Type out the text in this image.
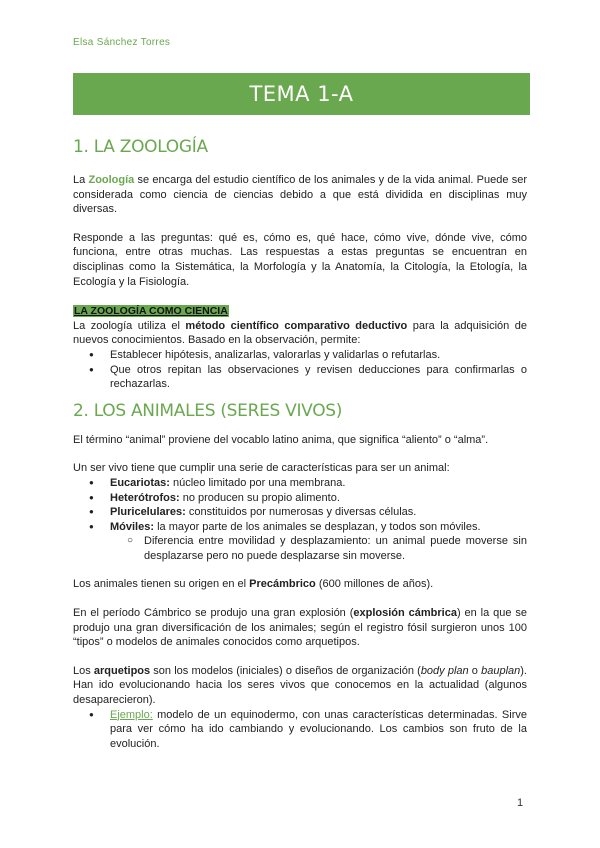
Elsa Sánchez Torres
TEMA 1-A
1. LA ZOOLOGÍA

La Zoología se encarga del estudio científico de los animales y de la vida animal. Puede ser considerada como ciencia de ciencias debido a que está dividida en disciplinas muy diversas.

Responde a las preguntas: qué es, cómo es, qué hace, cómo vive, dónde vive, cómo funciona, entre otras muchas. Las respuestas a estas preguntas se encuentran en disciplinas como la Sistemática, la Morfología y la Anatomía, la Citología, la Etología, la Ecología y la Fisiología.

LA ZOOLOGÍA COMO CIENCIA

La zoología utiliza el método científico comparativo deductivo para la adquisición de nuevos conocimientos. Basado en la observación, permite:

● Establecer hipótesis, analizarlas, valorarlas y validarlas o refutarlas.
● Que otros repitan las observaciones y revisen deducciones para confirmarlas o rechazarlas.
2. LOS ANIMALES (SERES VIVOS)

El término “animal” proviene del vocablo latino anima, que significa “aliento” o “alma”.

Un ser vivo tiene que cumplir una serie de características para ser un animal:

● Eucariotas: núcleo limitado por una membrana.
● Heterótrofos: no producen su propio alimento.
● Pluricelulares: constituidos por numerosas y diversas células.
● Móviles: la mayor parte de los animales se desplazan, y todos son móviles.
○ Diferencia entre movilidad y desplazamiento: un animal puede moverse sin desplazarse pero no puede desplazarse sin moverse.

Los animales tienen su origen en el Precámbrico (600 millones de años).

En el período Cámbrico se produjo una gran explosión (explosión cámbrica) en la que se produjo una gran diversificación de los animales; según el registro fósil surgieron unos 100 “tipos” o modelos de animales conocidos como arquetipos.

Los arquetipos son los modelos (iniciales) o diseños de organización (body plan o bauplan). Han ido evolucionando hacia los seres vivos que conocemos en la actualidad (algunos desaparecieron).

● Ejemplo: modelo de un equinodermo, con unas características determinadas. Sirve para ver cómo ha ido cambiando y evolucionando. Los cambios son fruto de la evolución.
1
